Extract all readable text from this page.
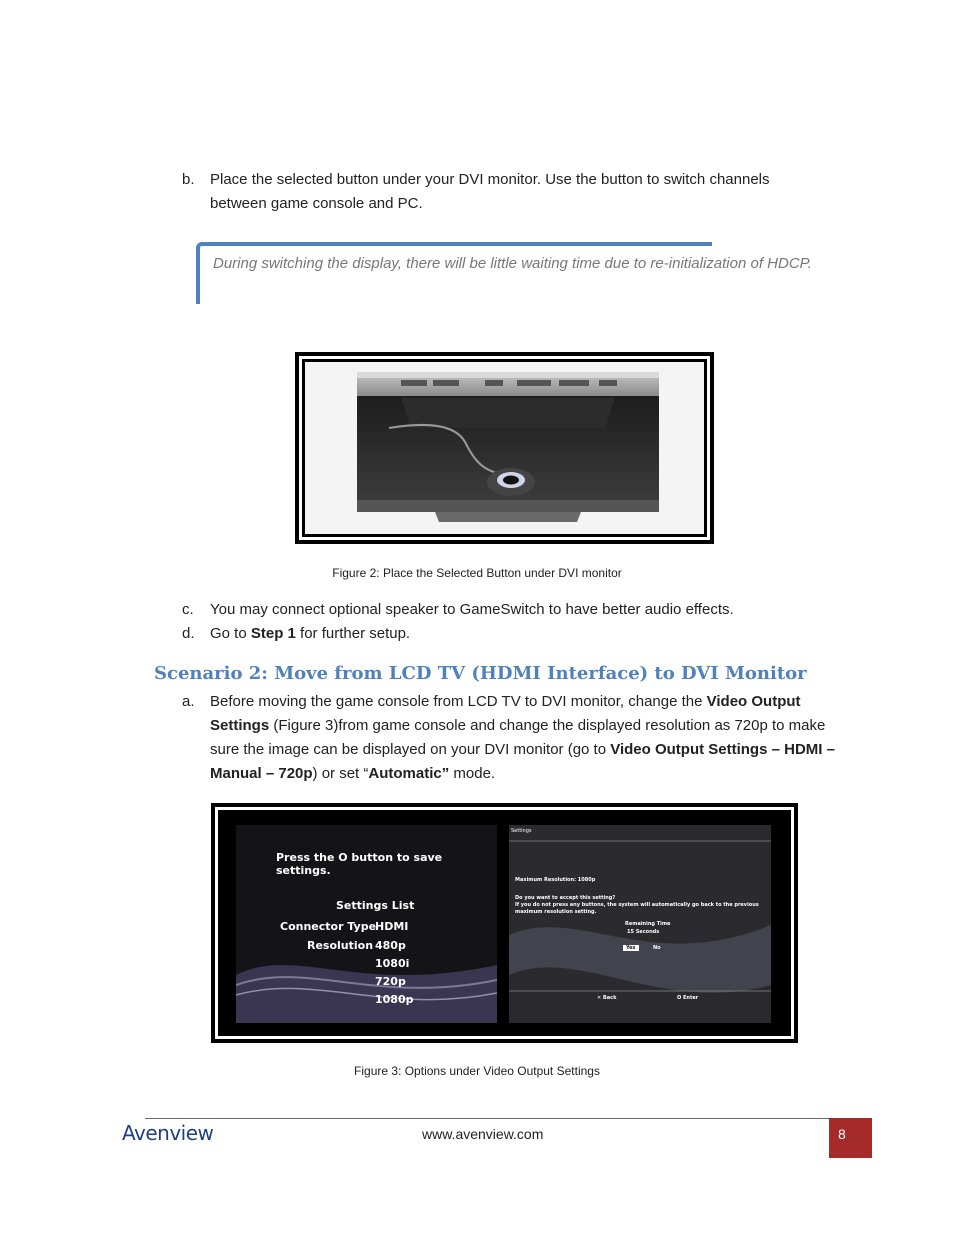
b. Place the selected button under your DVI monitor. Use the button to switch channels
between game console and PC.
During switching the display, there will be little waiting time due to re-initialization of HDCP.
Figure 2: Place the Selected Button under DVI monitor
c. You may connect optional speaker to GameSwitch to have better audio effects.
d. Go to Step 1 for further setup.
Scenario 2: Move from LCD TV (HDMI Interface) to DVI Monitor
a. Before moving the game console from LCD TV to DVI monitor, change the Video Output Settings (Figure 3)from game console and change the displayed resolution as 720p to make sure the image can be displayed on your DVI monitor (go to Video Output Settings – HDMI – Manual – 720p) or set “Automatic” mode.
Press the O button to save settings.
Settings List
Connector Type
HDMI
Resolution 480p
1080i
720p
1080p
Settings
Maximum Resolution: 1080p
Do you want to accept this setting?
If you do not press any buttons, the system will automatically go back to the previous maximum resolution setting.
Remaining Time
15 Seconds
Yes	No
✕ Back	O Enter
Figure 3: Options under Video Output Settings
Avenview	www.avenview.com	8
